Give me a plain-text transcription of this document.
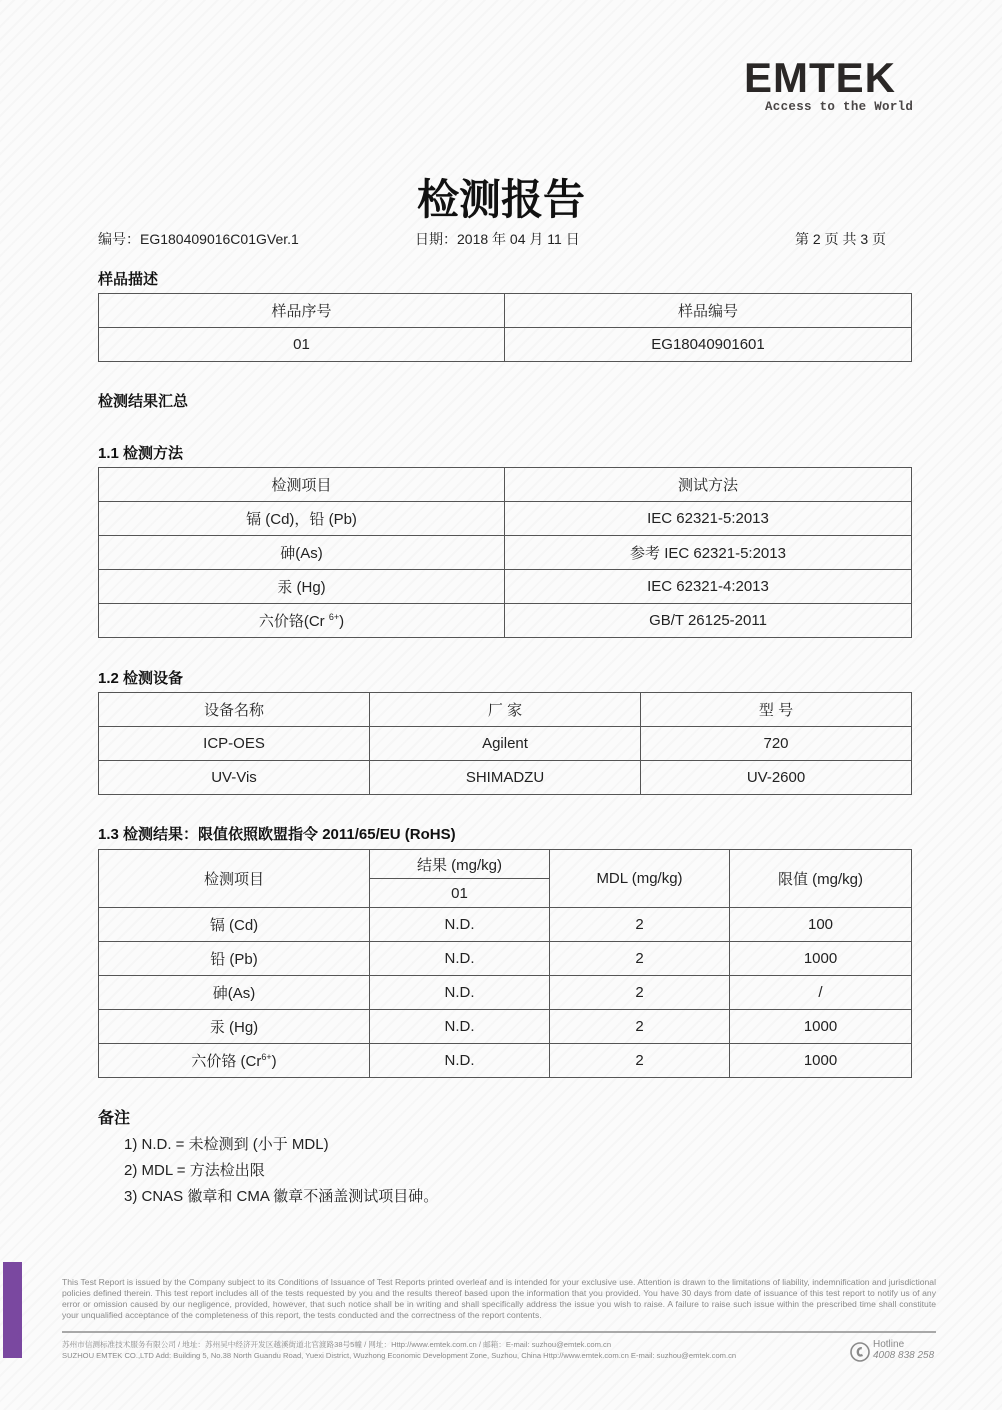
EMTEK
Access to the World
检测报告
编号：EG180409016C01GVer.1	日期：2018 年 04 月 11 日	第 2 页 共 3 页
样品描述
样品序号	样品编号
01	EG18040901601
检测结果汇总
1.1 检测方法
检测项目	测试方法
镉 (Cd)，铅 (Pb)	IEC 62321-5:2013
砷(As)	参考 IEC 62321-5:2013
汞 (Hg)	IEC 62321-4:2013
六价铬(Cr $^{6+}$)	GB/T 26125-2011
1.2 检测设备
设备名称	厂 家	型 号
ICP-OES	Agilent	720
UV-Vis	SHIMADZU	UV-2600
1.3 检测结果：限值依照欧盟指令 2011/65/EU (RoHS)
检测项目	结果 (mg/kg)	MDL (mg/kg)	限值 (mg/kg)
	01		
镉 (Cd)	N.D.	2	100
铅 (Pb)	N.D.	2	1000
砷(As)	N.D.	2	/
汞 (Hg)	N.D.	2	1000
六价铬 $(Cr^{6+})$	N.D.	2	1000
备注
1) N.D. = 未检测到 (小于 MDL)
2) MDL = 方法检出限
3) CNAS 徽章和 CMA 徽章不涵盖测试项目砷。
This Test Report is issued by the Company subject to its Conditions of Issuance of Test Reports printed overleaf and is intended for your exclusive use. Attention is drawn to the limitations of liability, indemnification and jurisdictional policies defined therein. This test report includes all of the tests requested by you and the results thereof based upon the information that you provided. You have 30 days from date of issuance of this test report to notify us of any error or omission caused by our negligence, provided, however, that such notice shall be in writing and shall specifically address the issue you wish to raise. A failure to raise such issue within the prescribed time shall constitute your unqualified acceptance of the completeness of this report, the tests conducted and the correctness of the report contents.
苏州市信测标准技术服务有限公司 / 地址：苏州吴中经济开发区越溪街道北官渡路38号5幢 / 网址：Http://www.emtek.com.cn / 邮箱：E-mail: suzhou@emtek.com.cn
SUZHOU EMTEK CO.,LTD Add: Building 5, No.38 North Guandu Road, Yuexi District, Wuzhong Economic Development Zone, Suzhou, China Http://www.emtek.com.cn E-mail: suzhou@emtek.com.cn
Hotline
4008 838 258
